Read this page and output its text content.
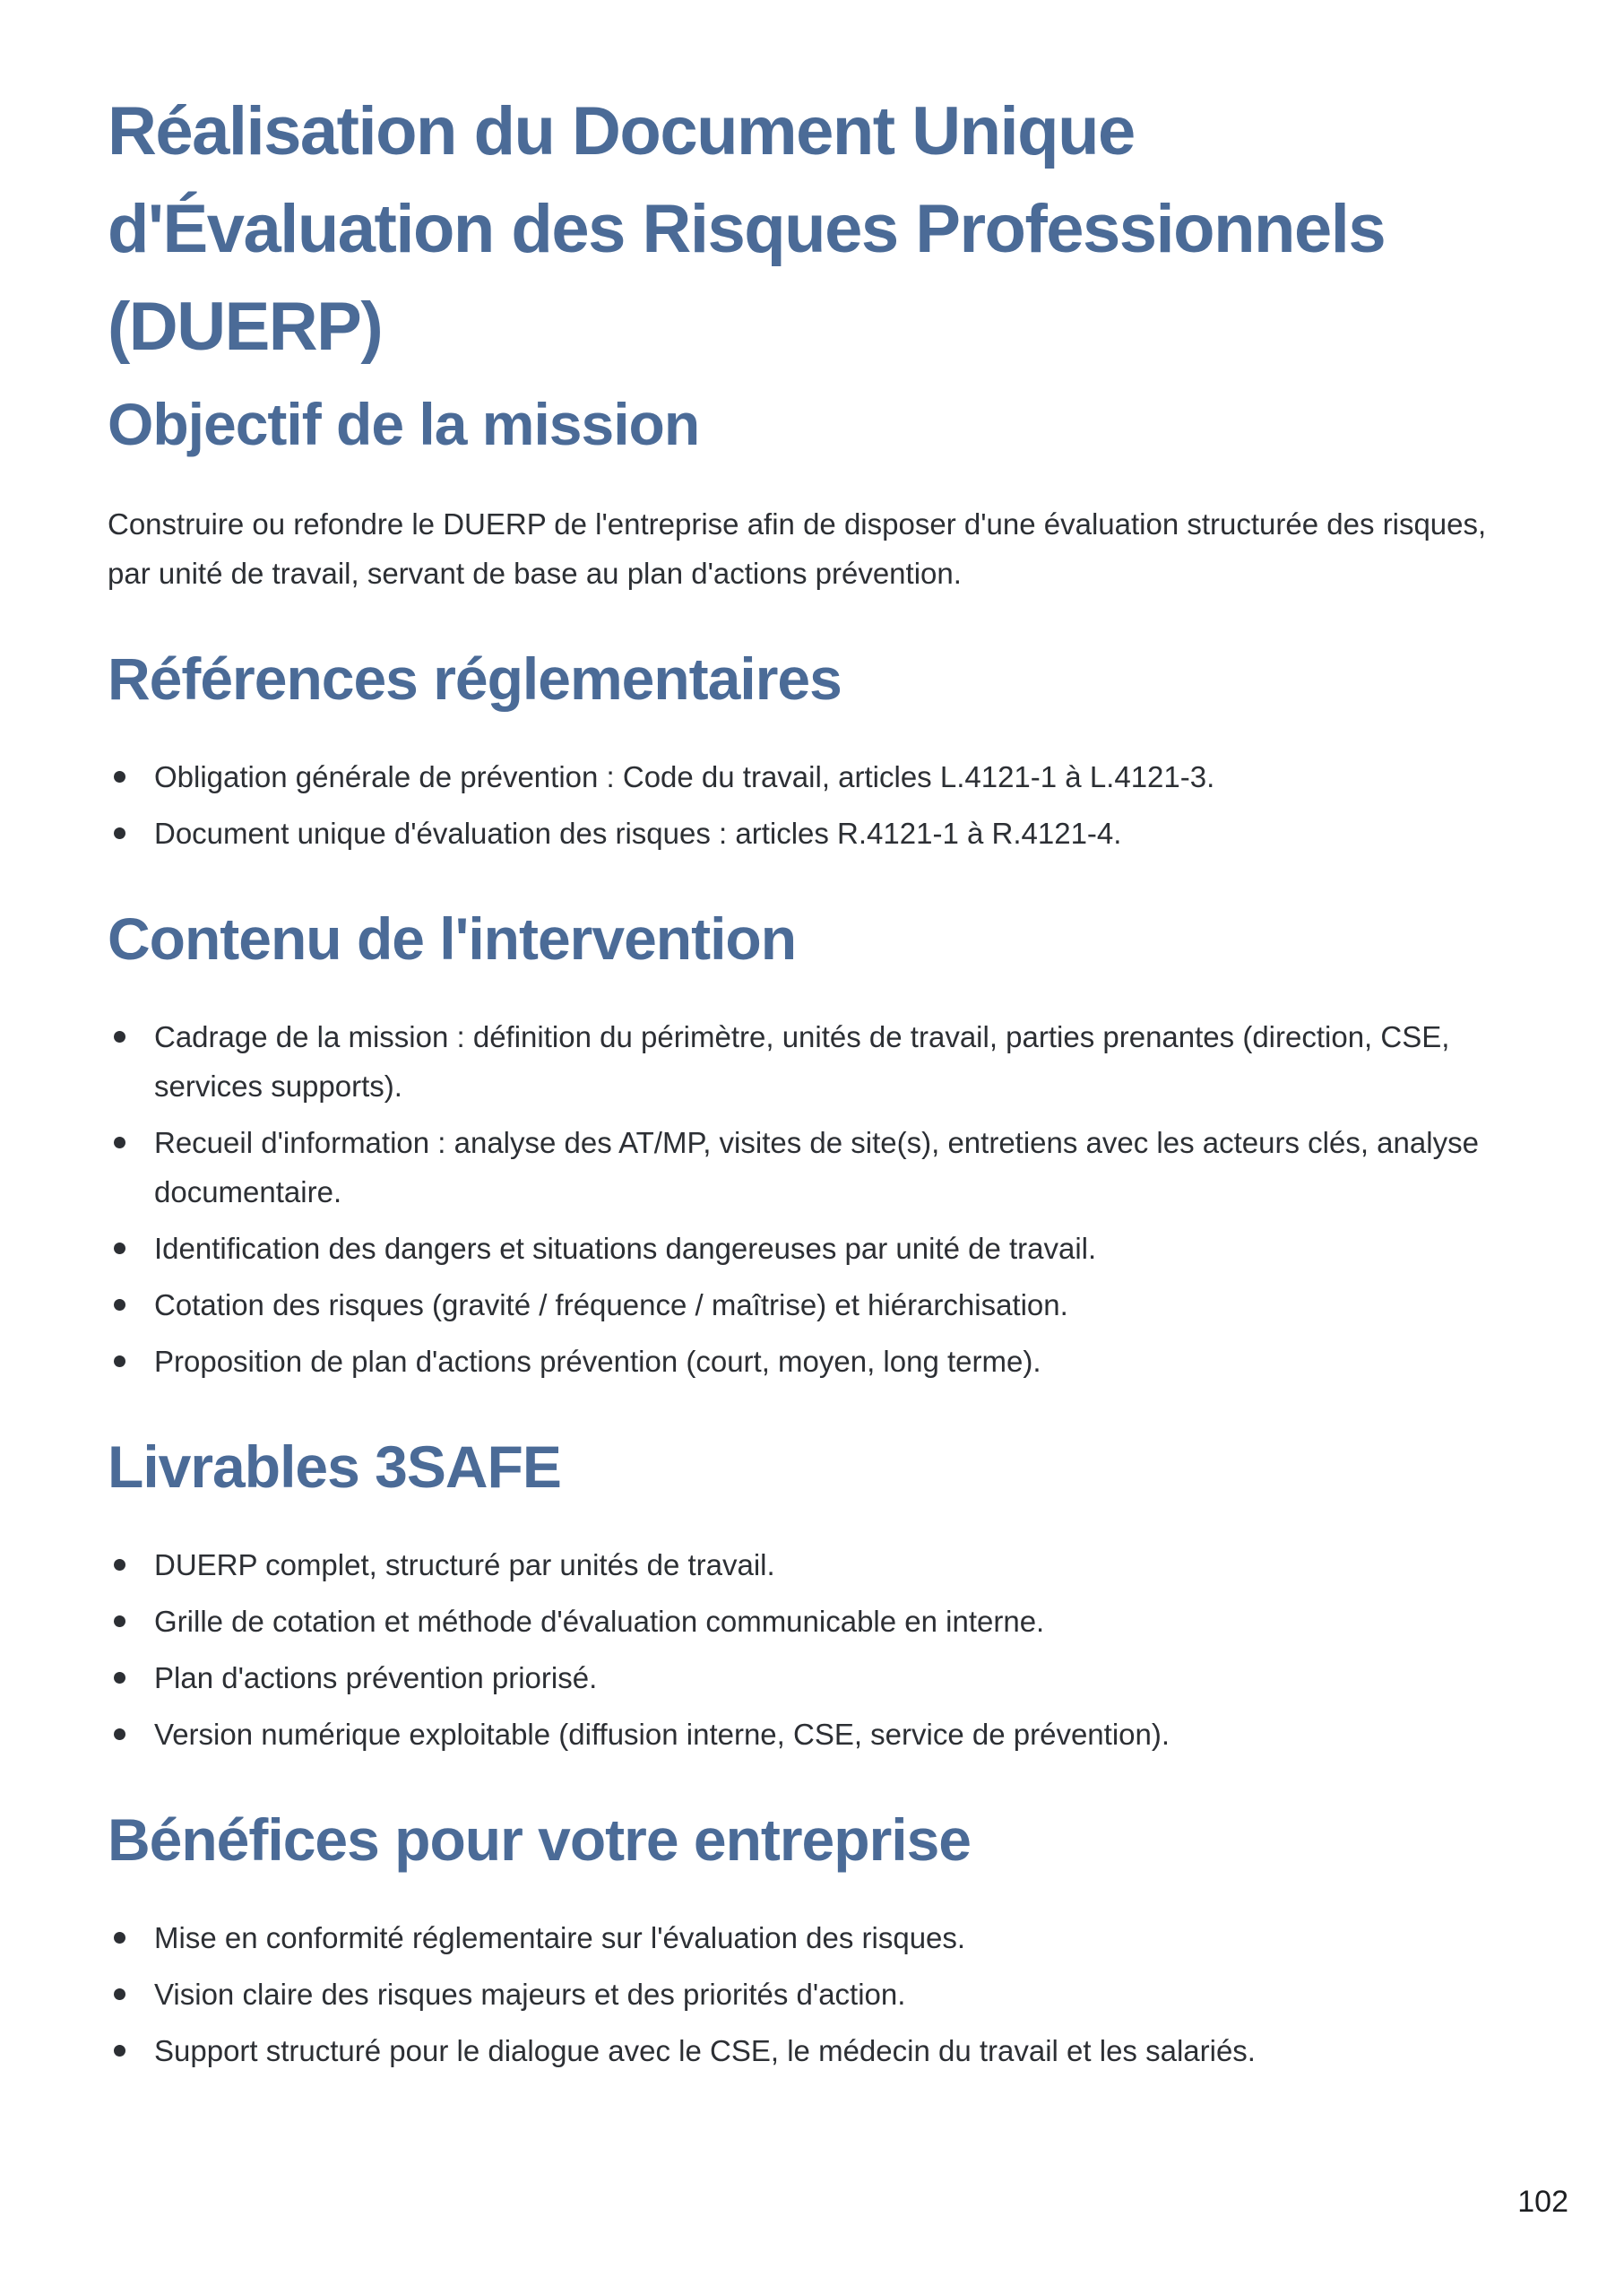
Réalisation du Document Unique
d'Évaluation des Risques Professionnels
(DUERP)
Objectif de la mission

Construire ou refondre le DUERP de l'entreprise afin de disposer d'une évaluation structurée des risques, par unité de travail, servant de base au plan d'actions prévention.

Références réglementaires
Obligation générale de prévention : Code du travail, articles L.4121-1 à L.4121-3.
Document unique d'évaluation des risques : articles R.4121-1 à R.4121-4.
Contenu de l'intervention
Cadrage de la mission : définition du périmètre, unités de travail, parties prenantes (direction, CSE, services supports).
Recueil d'information : analyse des AT/MP, visites de site(s), entretiens avec les acteurs clés, analyse documentaire.
Identification des dangers et situations dangereuses par unité de travail.
Cotation des risques (gravité / fréquence / maîtrise) et hiérarchisation.
Proposition de plan d'actions prévention (court, moyen, long terme).
Livrables 3SAFE
DUERP complet, structuré par unités de travail.
Grille de cotation et méthode d'évaluation communicable en interne.
Plan d'actions prévention priorisé.
Version numérique exploitable (diffusion interne, CSE, service de prévention).
Bénéfices pour votre entreprise
Mise en conformité réglementaire sur l'évaluation des risques.
Vision claire des risques majeurs et des priorités d'action.
Support structuré pour le dialogue avec le CSE, le médecin du travail et les salariés.
102
